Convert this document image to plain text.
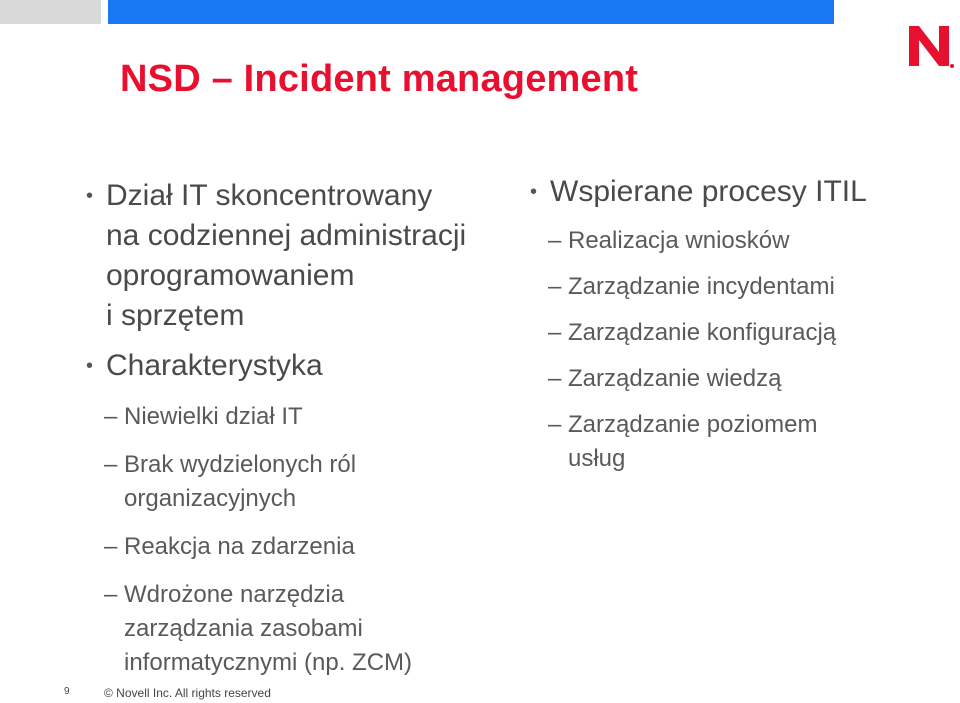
NSD – Incident management
• Dział IT skoncentrowany
na codziennej administracji
oprogramowaniem
i sprzętem
• Charakterystyka
– Niewielki dział IT
– Brak wydzielonych ról
organizacyjnych
– Reakcja na zdarzenia
– Wdrożone narzędzia
zarządzania zasobami
informatycznymi (np. ZCM)
• Wspierane procesy ITIL
– Realizacja wniosków
– Zarządzanie incydentami
– Zarządzanie konfiguracją
– Zarządzanie wiedzą
– Zarządzanie poziomem
usług
9	© Novell Inc. All rights reserved
